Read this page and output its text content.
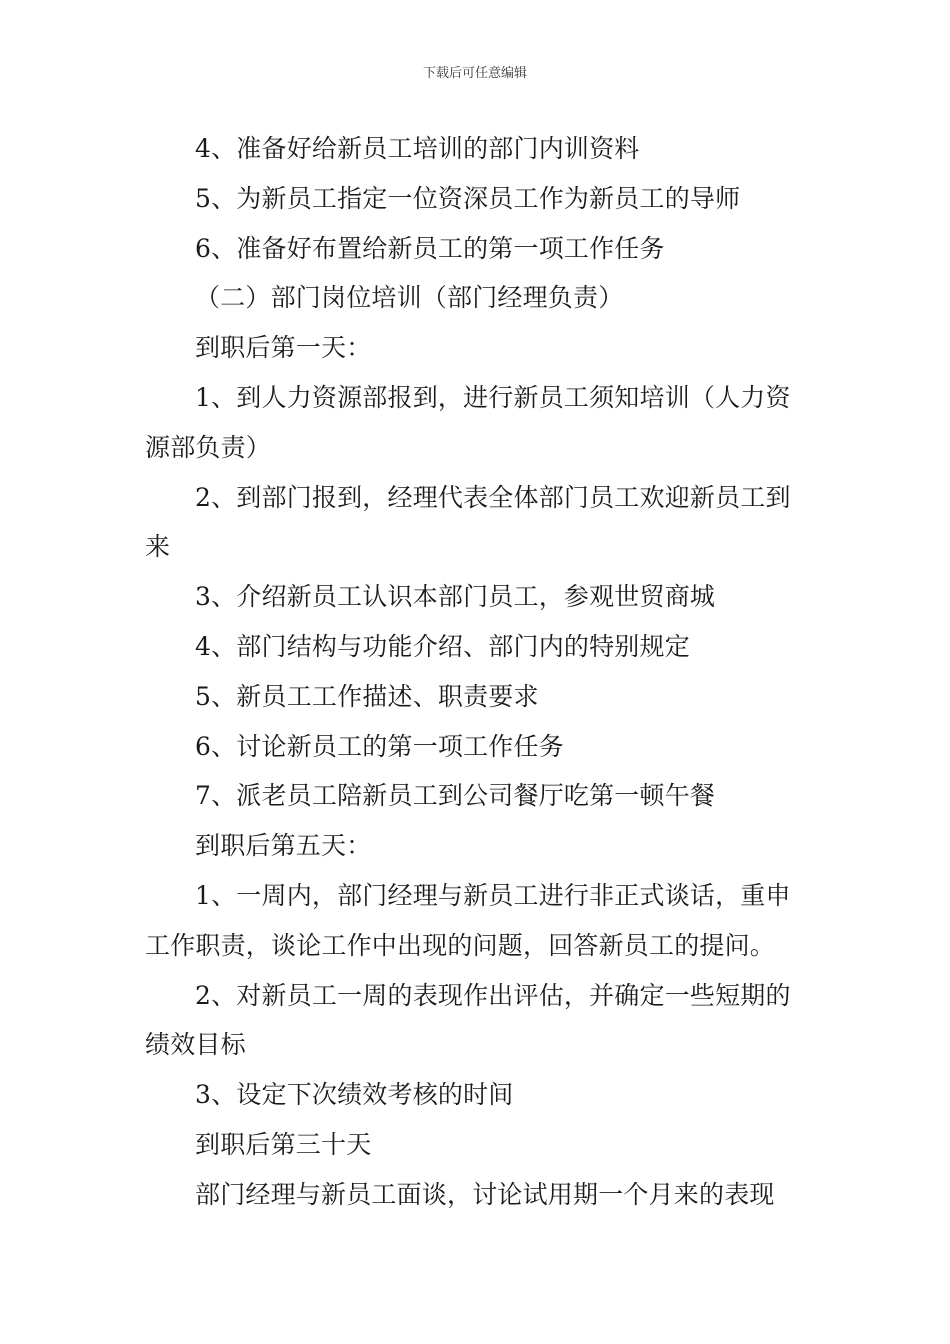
下载后可任意编辑

4、准备好给新员工培训的部门内训资料

5、为新员工指定一位资深员工作为新员工的导师

6、准备好布置给新员工的第一项工作任务

（二）部门岗位培训（部门经理负责）

到职后第一天：

1、到人力资源部报到，进行新员工须知培训（人力资源部负责）

2、到部门报到，经理代表全体部门员工欢迎新员工到来

3、介绍新员工认识本部门员工，参观世贸商城

4、部门结构与功能介绍、部门内的特别规定

5、新员工工作描述、职责要求

6、讨论新员工的第一项工作任务

7、派老员工陪新员工到公司餐厅吃第一顿午餐

到职后第五天：

1、一周内，部门经理与新员工进行非正式谈话，重申工作职责，谈论工作中出现的问题，回答新员工的提问。

2、对新员工一周的表现作出评估，并确定一些短期的绩效目标

3、设定下次绩效考核的时间

到职后第三十天

部门经理与新员工面谈，讨论试用期一个月来的表现
